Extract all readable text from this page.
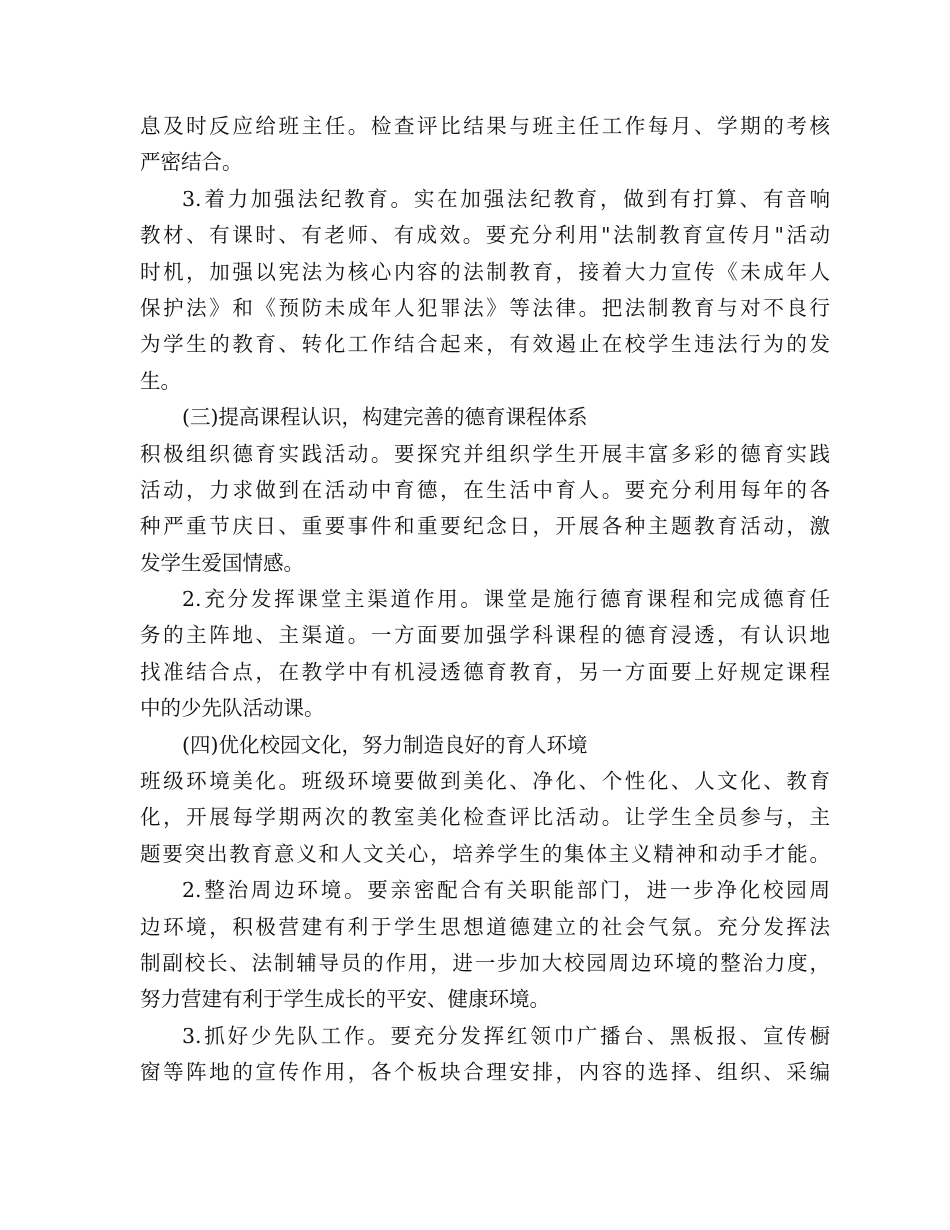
息及时反应给班主任。检查评比结果与班主任工作每月、学期的考核
严密结合。
3.着力加强法纪教育。实在加强法纪教育，做到有打算、有音响
教材、有课时、有老师、有成效。要充分利用"法制教育宣传月"活动
时机，加强以宪法为核心内容的法制教育，接着大力宣传《未成年人
保护法》和《预防未成年人犯罪法》等法律。把法制教育与对不良行
为学生的教育、转化工作结合起来，有效遏止在校学生违法行为的发
生。
(三)提高课程认识，构建完善的德育课程体系
积极组织德育实践活动。要探究并组织学生开展丰富多彩的德育实践
活动，力求做到在活动中育德，在生活中育人。要充分利用每年的各
种严重节庆日、重要事件和重要纪念日，开展各种主题教育活动，激
发学生爱国情感。
2.充分发挥课堂主渠道作用。课堂是施行德育课程和完成德育任
务的主阵地、主渠道。一方面要加强学科课程的德育浸透，有认识地
找准结合点，在教学中有机浸透德育教育，另一方面要上好规定课程
中的少先队活动课。
(四)优化校园文化，努力制造良好的育人环境
班级环境美化。班级环境要做到美化、净化、个性化、人文化、教育
化，开展每学期两次的教室美化检查评比活动。让学生全员参与，主
题要突出教育意义和人文关心，培养学生的集体主义精神和动手才能。
2.整治周边环境。要亲密配合有关职能部门，进一步净化校园周
边环境，积极营建有利于学生思想道德建立的社会气氛。充分发挥法
制副校长、法制辅导员的作用，进一步加大校园周边环境的整治力度，
努力营建有利于学生成长的平安、健康环境。
3.抓好少先队工作。要充分发挥红领巾广播台、黑板报、宣传橱
窗等阵地的宣传作用，各个板块合理安排，内容的选择、组织、采编
